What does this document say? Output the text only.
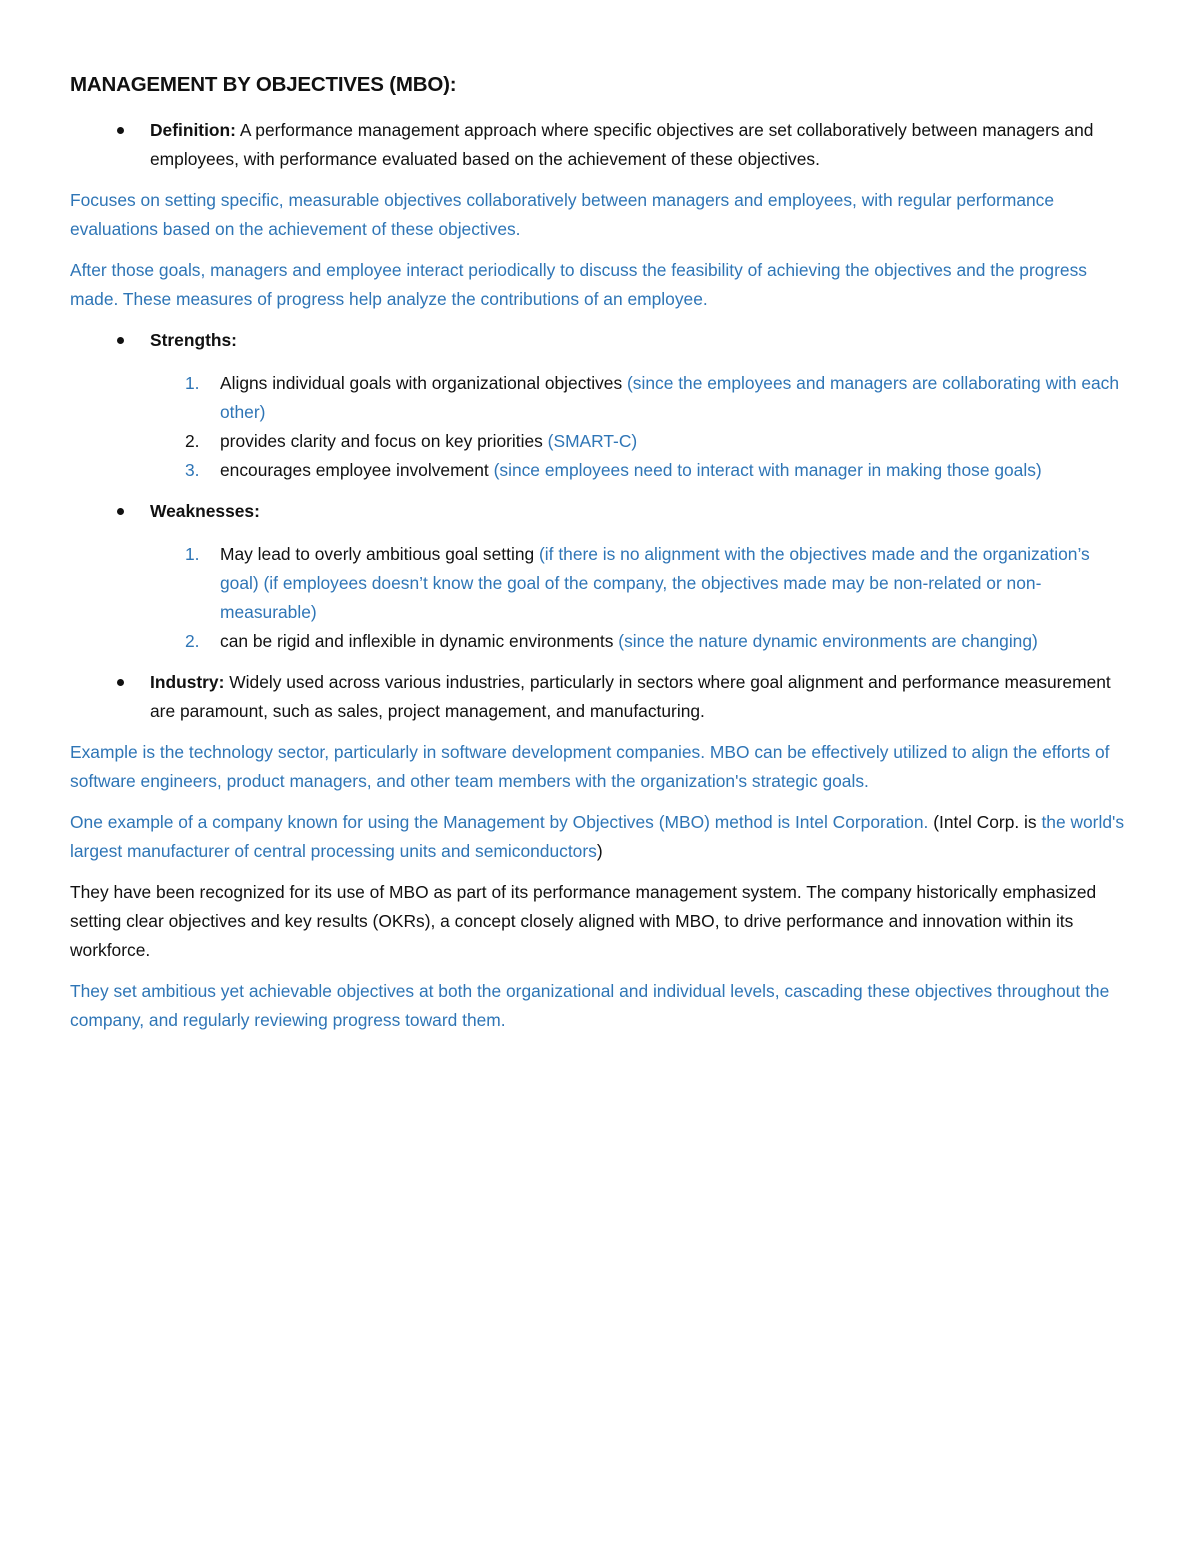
MANAGEMENT BY OBJECTIVES (MBO):
Definition: A performance management approach where specific objectives are set collaboratively between managers and employees, with performance evaluated based on the achievement of these objectives.

Focuses on setting specific, measurable objectives collaboratively between managers and employees, with regular performance evaluations based on the achievement of these objectives.

After those goals, managers and employee interact periodically to discuss the feasibility of achieving the objectives and the progress made. These measures of progress help analyze the contributions of an employee.

Strengths:
1. Aligns individual goals with organizational objectives (since the employees and managers are collaborating with each other)
2. provides clarity and focus on key priorities (SMART-C)
3. encourages employee involvement (since employees need to interact with manager in making those goals)
Weaknesses:
1. May lead to overly ambitious goal setting (if there is no alignment with the objectives made and the organization’s goal) (if employees doesn’t know the goal of the company, the objectives made may be non-related or non-measurable)
2. can be rigid and inflexible in dynamic environments (since the nature dynamic environments are changing)
Industry: Widely used across various industries, particularly in sectors where goal alignment and performance measurement are paramount, such as sales, project management, and manufacturing.

Example is the technology sector, particularly in software development companies. MBO can be effectively utilized to align the efforts of software engineers, product managers, and other team members with the organization's strategic goals.

One example of a company known for using the Management by Objectives (MBO) method is Intel Corporation. (Intel Corp. is the world's largest manufacturer of central processing units and semiconductors)

They have been recognized for its use of MBO as part of its performance management system. The company historically emphasized setting clear objectives and key results (OKRs), a concept closely aligned with MBO, to drive performance and innovation within its workforce.

They set ambitious yet achievable objectives at both the organizational and individual levels, cascading these objectives throughout the company, and regularly reviewing progress toward them.
